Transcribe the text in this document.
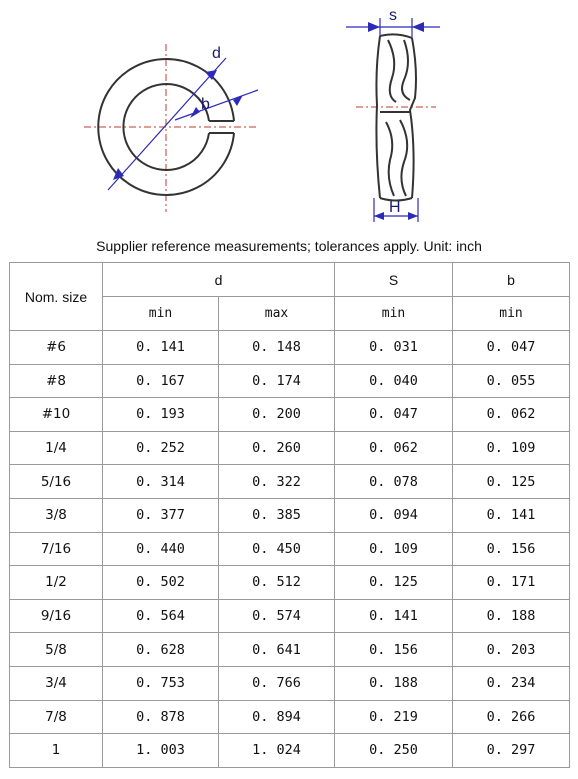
d
b
s
H
Supplier reference measurements; tolerances apply. Unit: inch
Nom. size	d		S	b
	min	max	min	min
#6	0. 141	0. 148	0. 031	0. 047
#8	0. 167	0. 174	0. 040	0. 055
#10	0. 193	0. 200	0. 047	0. 062
1/4	0. 252	0. 260	0. 062	0. 109
5/16	0. 314	0. 322	0. 078	0. 125
3/8	0. 377	0. 385	0. 094	0. 141
7/16	0. 440	0. 450	0. 109	0. 156
1/2	0. 502	0. 512	0. 125	0. 171
9/16	0. 564	0. 574	0. 141	0. 188
5/8	0. 628	0. 641	0. 156	0. 203
3/4	0. 753	0. 766	0. 188	0. 234
7/8	0. 878	0. 894	0. 219	0. 266
1	1. 003	1. 024	0. 250	0. 297
